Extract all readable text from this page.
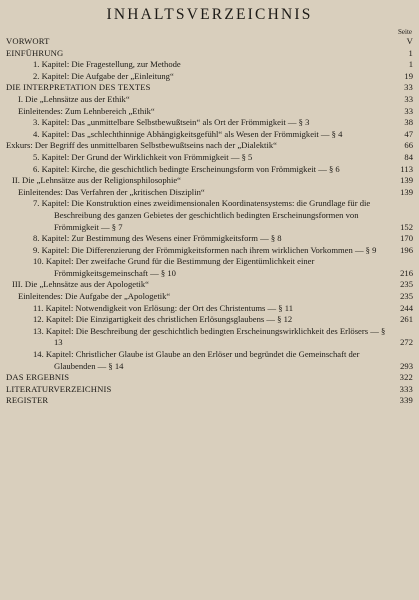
INHALTSVERZEICHNIS
Seite
VORWORT	V
EINFÜHRUNG	1
1. Kapitel: Die Fragestellung, zur Methode	1
2. Kapitel: Die Aufgabe der „Einleitung“	19
DIE INTERPRETATION DES TEXTES	33
I. Die „Lehnsätze aus der Ethik“	33
Einleitendes: Zum Lehnbereich „Ethik“	33
3. Kapitel: Das „unmittelbare Selbstbewußtsein“ als Ort der Frömmigkeit — § 3	38
4. Kapitel: Das „schlechthinnige Abhängigkeitsgefühl“ als Wesen der Frömmigkeit — § 4	47
Exkurs: Der Begriff des unmittelbaren Selbstbewußtseins nach der „Dialektik“	66
5. Kapitel: Der Grund der Wirklichkeit von Frömmigkeit — § 5	84
6. Kapitel: Kirche, die geschichtlich bedingte Erscheinungsform von Frömmigkeit — § 6	113
II. Die „Lehnsätze aus der Religionsphilosophie“	139
Einleitendes: Das Verfahren der „kritischen Disziplin“	139
7. Kapitel: Die Konstruktion eines zweidimensionalen Koordinatensystems: die Grundlage für die Beschreibung des ganzen Gebietes der geschichtlich bedingten Erscheinungsformen von Frömmigkeit — § 7	152
8. Kapitel: Zur Bestimmung des Wesens einer Frömmigkeitsform — § 8	170
9. Kapitel: Die Differenzierung der Frömmigkeitsformen nach ihrem wirklichen Vorkommen — § 9	196
10. Kapitel: Der zweifache Grund für die Bestimmung der Eigentümlichkeit einer Frömmigkeitsgemeinschaft — § 10	216
III. Die „Lehnsätze aus der Apologetik“	235
Einleitendes: Die Aufgabe der „Apologetik“	235
11. Kapitel: Notwendigkeit von Erlösung: der Ort des Christentums — § 11	244
12. Kapitel: Die Einzigartigkeit des christlichen Erlösungsglaubens — § 12	261
13. Kapitel: Die Beschreibung der geschichtlich bedingten Erscheinungswirklichkeit des Erlösers — § 13	272
14. Kapitel: Christlicher Glaube ist Glaube an den Erlöser und begründet die Gemeinschaft der Glaubenden — § 14	293
DAS ERGEBNIS	322
LITERATURVERZEICHNIS	333
REGISTER	339
